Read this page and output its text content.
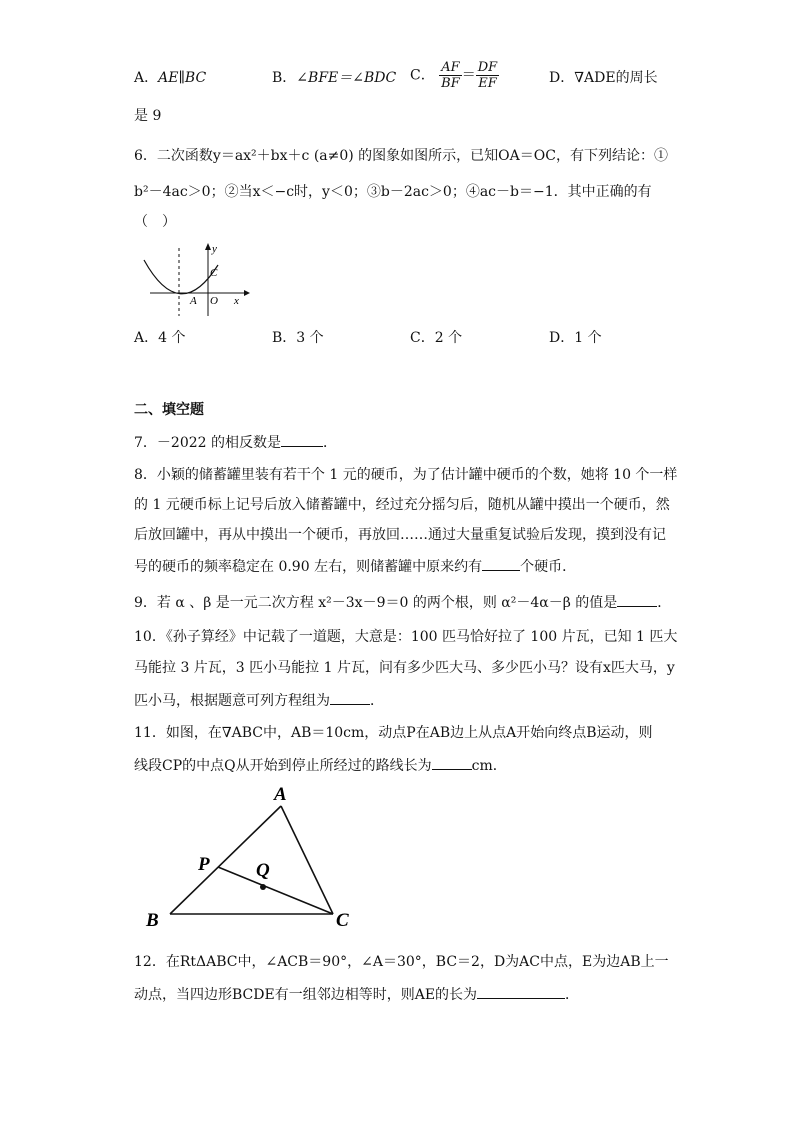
A．AE∥BC	B．∠BFE＝∠BDC C． $\frac{AF}{BF} = \frac{DF}{EF}$	D．∇ADE的周长
是 9
6．二次函数y＝ax²＋bx＋c (a≠0) 的图象如图所示，已知OA＝OC，有下列结论：①
b²－4ac＞0；②当x＜−c时，y＜0；③b－2ac＞0；④ac－b＝−1．其中正确的有
（　）
y
x
C
A O
A．4 个	B．3 个	C．2 个	D．1 个
二、填空题
7．－2022 的相反数是	．
8．小颖的储蓄罐里装有若干个 1 元的硬币，为了估计罐中硬币的个数，她将 10 个一样
的 1 元硬币标上记号后放入储蓄罐中，经过充分摇匀后，随机从罐中摸出一个硬币，然
后放回罐中，再从中摸出一个硬币，再放回……通过大量重复试验后发现，摸到没有记
号的硬币的频率稳定在 0.90 左右，则储蓄罐中原来约有	个硬币．
9．若 α 、β 是一元二次方程 x²－3x－9＝0 的两个根，则 α²－4α－β 的值是	．
10．《孙子算经》中记载了一道题，大意是：100 匹马恰好拉了 100 片瓦，已知 1 匹大
马能拉 3 片瓦，3 匹小马能拉 1 片瓦，问有多少匹大马、多少匹小马？设有x匹大马，y
匹小马，根据题意可列方程组为	．
11．如图，在∇ABC中，AB＝10cm，动点P在AB边上从点A开始向终点B运动，则
线段CP的中点Q从开始到停止所经过的路线长为	cm．
A
B	C
P Q
12．在RtΔABC中，∠ACB＝90°，∠A＝30°，BC＝2，D为AC中点，E为边AB上一
动点，当四边形BCDE有一组邻边相等时，则AE的长为	．
